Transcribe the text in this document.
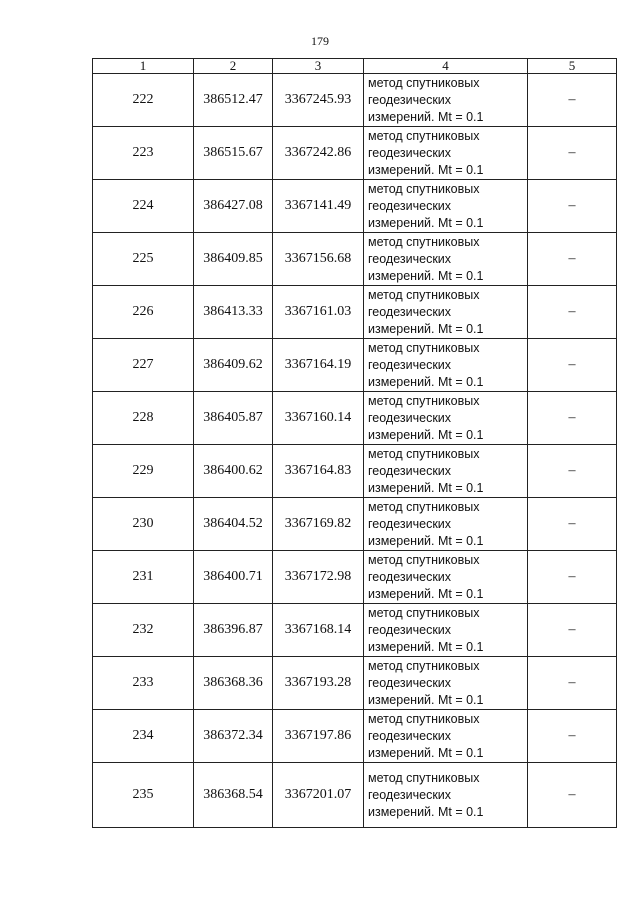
179
1	2	3	4	5
222	386512.47	3367245.93	метод спутниковых
геодезических
измерений. Mt = 0.1	–
223	386515.67	3367242.86	метод спутниковых
геодезических
измерений. Mt = 0.1	–
224	386427.08	3367141.49	метод спутниковых
геодезических
измерений. Mt = 0.1	–
225	386409.85	3367156.68	метод спутниковых
геодезических
измерений. Mt = 0.1	–
226	386413.33	3367161.03	метод спутниковых
геодезических
измерений. Mt = 0.1	–
227	386409.62	3367164.19	метод спутниковых
геодезических
измерений. Mt = 0.1	–
228	386405.87	3367160.14	метод спутниковых
геодезических
измерений. Mt = 0.1	–
229	386400.62	3367164.83	метод спутниковых
геодезических
измерений. Mt = 0.1	–
230	386404.52	3367169.82	метод спутниковых
геодезических
измерений. Mt = 0.1	–
231	386400.71	3367172.98	метод спутниковых
геодезических
измерений. Mt = 0.1	–
232	386396.87	3367168.14	метод спутниковых
геодезических
измерений. Mt = 0.1	–
233	386368.36	3367193.28	метод спутниковых
геодезических
измерений. Mt = 0.1	–
234	386372.34	3367197.86	метод спутниковых
геодезических
измерений. Mt = 0.1	–
235	386368.54	3367201.07	метод спутниковых
геодезических
измерений. Mt = 0.1	–
